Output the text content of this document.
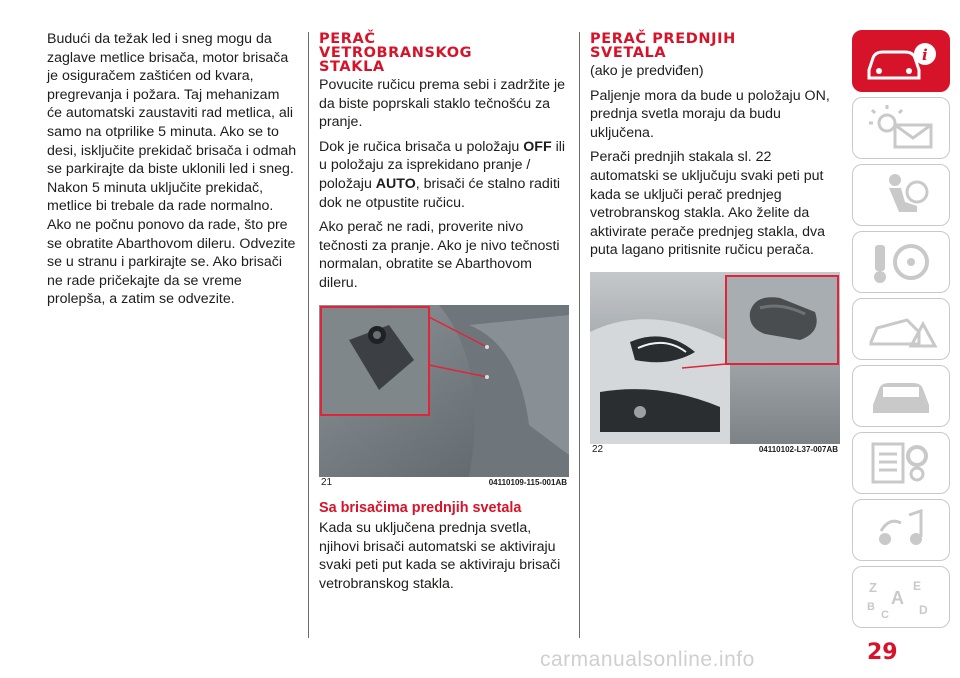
Budući da težak led i sneg mogu da zaglave metlice brisača, motor brisača je osiguračem zaštićen od kvara, pregrevanja i požara. Taj mehanizam će automatski zaustaviti rad metlica, ali samo na otprilike 5 minuta. Ako se to desi, isključite prekidač brisača i odmah se parkirajte da biste uklonili led i sneg. Nakon 5 minuta uključite prekidač, metlice bi trebale da rade normalno. Ako ne počnu ponovo da rade, što pre se obratite Abarthovom dileru. Odvezite se u stranu i parkirajte se. Ako brisači ne rade pričekajte da se vreme prolepša, a zatim se odvezite.

PERAČ
VETROBRANSKOG
STAKLA

Povucite ručicu prema sebi i zadržite je da biste poprskali staklo tečnošću za pranje.

Dok je ručica brisača u položaju OFF ili u položaju za isprekidano pranje / položaju AUTO, brisači će stalno raditi dok ne otpustite ručicu.

Ako perač ne radi, proverite nivo tečnosti za pranje. Ako je nivo tečnosti normalan, obratite se Abarthovom dileru.

21	04110109-115-001AB
Sa brisačima prednjih svetala

Kada su uključena prednja svetla, njihovi brisači automatski se aktiviraju svaki peti put kada se aktiviraju brisači vetrobranskog stakla.

PERAČ PREDNJIH
SVETALA

(ako je predviđen)

Paljenje mora da bude u položaju ON, prednja svetla moraju da budu uključena.

Perači prednjih stakala sl. 22 automatski se uključuju svaki peti put kada se uključi perač prednjeg vetrobranskog stakla. Ako želite da aktivirate perače prednjeg stakla, dva puta lagano pritisnite ručicu perača.

22	04110102-L37-007AB
i
Z	E
A
B
C	D
29
carmanualsonline.info
